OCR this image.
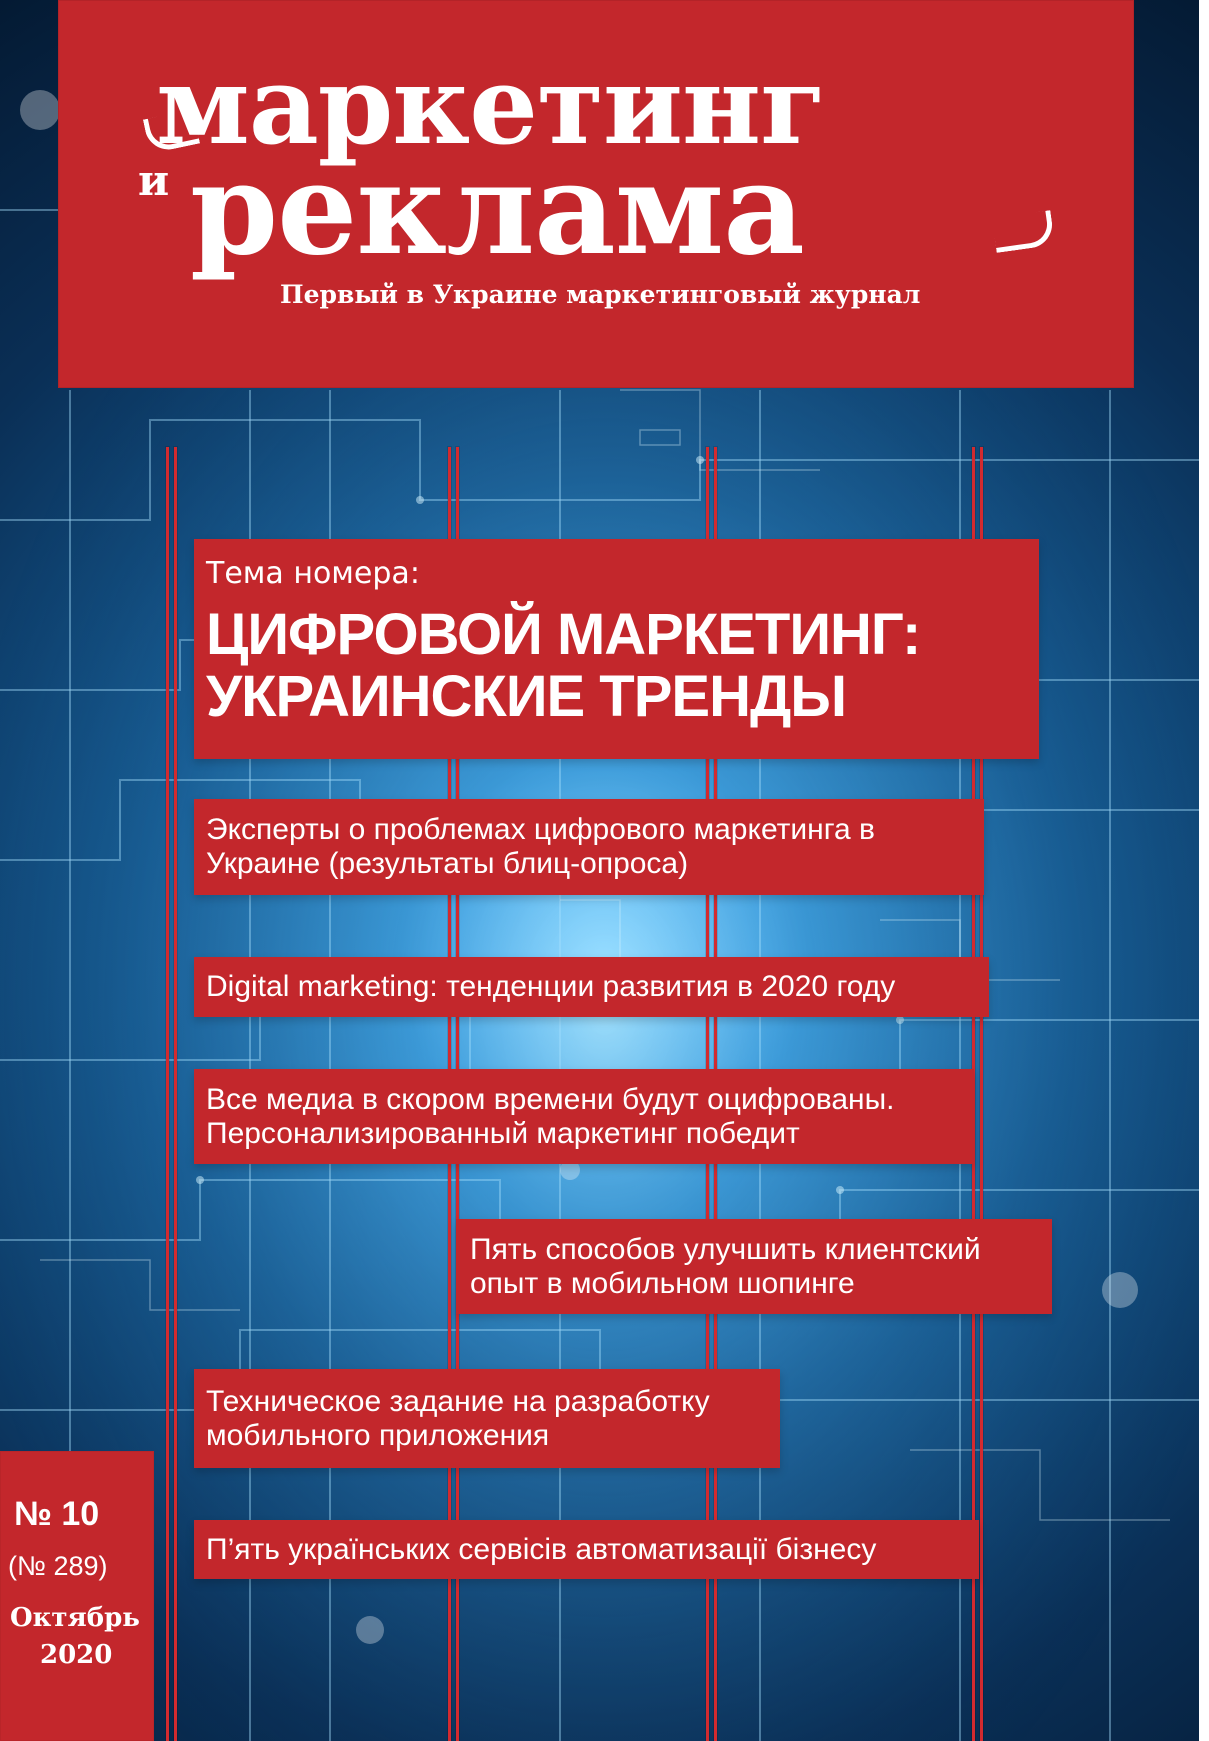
маркетинг
и реклама
Первый в Украине маркетинговый журнал
Тема номера:
ЦИФРОВОЙ МАРКЕТИНГ:
УКРАИНСКИЕ ТРЕНДЫ
Эксперты о проблемах цифрового маркетинга в
Украине (результаты блиц-опроса)
Digital marketing: тенденции развития в 2020 году
Все медиа в скором времени будут оцифрованы.
Персонализированный маркетинг победит
Пять способов улучшить клиентский
опыт в мобильном шопинге
Техническое задание на разработку
мобильного приложения
П’ять українських сервісів автоматизації бізнесу
№ 10
(№ 289)
Октябрь
2020
